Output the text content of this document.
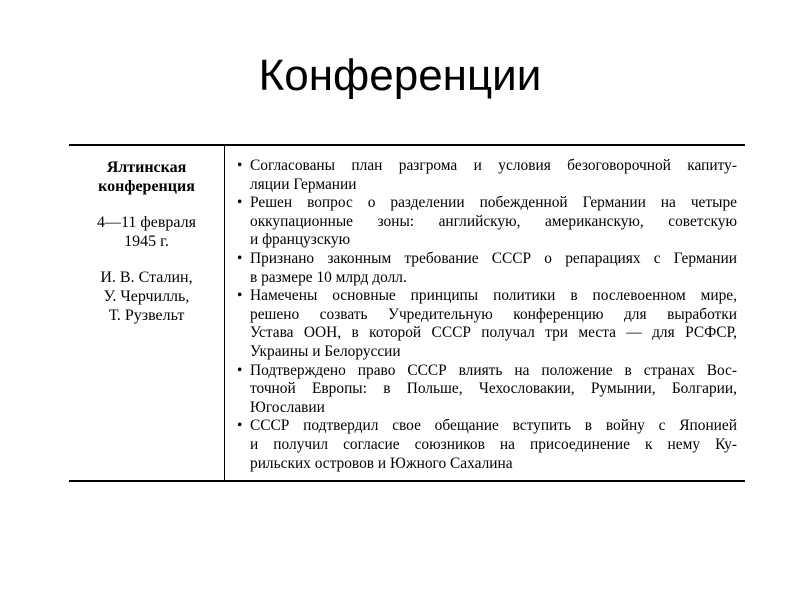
Конференции
Ялтинская
конференция
4—11 февраля
1945 г.
И. В. Сталин,
У. Черчилль,
Т. Рузвельт
• Согласованы план разгрома и условия безоговорочной капиту-
ляции Германии
• Решен вопрос о разделении побежденной Германии на четыре
оккупационные зоны: английскую, американскую, советскую
и французскую
• Признано законным требование СССР о репарациях с Германии
в размере 10 млрд долл.
• Намечены основные принципы политики в послевоенном мире,
решено созвать Учредительную конференцию для выработки
Устава ООН, в которой СССР получал три места — для РСФСР,
Украины и Белоруссии
• Подтверждено право СССР влиять на положение в странах Вос-
точной Европы: в Польше, Чехословакии, Румынии, Болгарии,
Югославии
• СССР подтвердил свое обещание вступить в войну с Японией
и получил согласие союзников на присоединение к нему Ку-
рильских островов и Южного Сахалина
